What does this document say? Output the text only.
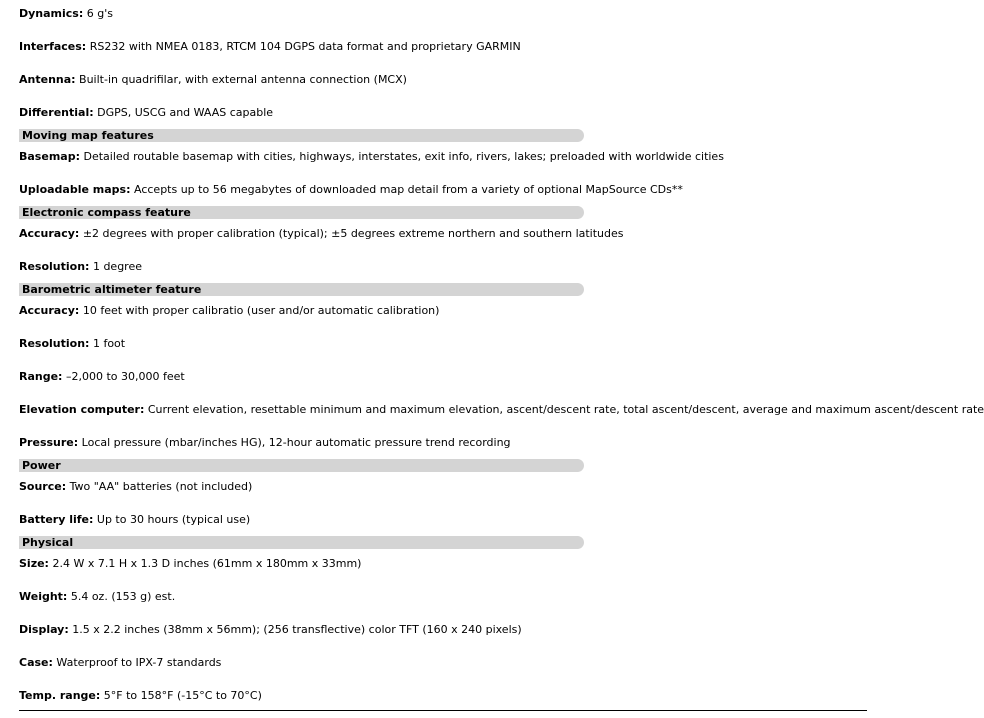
Dynamics: 6 g's
Interfaces: RS232 with NMEA 0183, RTCM 104 DGPS data format and proprietary GARMIN
Antenna: Built-in quadrifilar, with external antenna connection (MCX)
Differential: DGPS, USCG and WAAS capable
Moving map features
Basemap: Detailed routable basemap with cities, highways, interstates, exit info, rivers, lakes; preloaded with worldwide cities
Uploadable maps: Accepts up to 56 megabytes of downloaded map detail from a variety of optional MapSource CDs**
Electronic compass feature
Accuracy: ±2 degrees with proper calibration (typical); ±5 degrees extreme northern and southern latitudes
Resolution: 1 degree
Barometric altimeter feature
Accuracy: 10 feet with proper calibratio (user and/or automatic calibration)
Resolution: 1 foot
Range: –2,000 to 30,000 feet
Elevation computer: Current elevation, resettable minimum and maximum elevation, ascent/descent rate, total ascent/descent, average and maximum ascent/descent rate
Pressure: Local pressure (mbar/inches HG), 12-hour automatic pressure trend recording
Power
Source: Two "AA" batteries (not included)
Battery life: Up to 30 hours (typical use)
Physical
Size: 2.4 W x 7.1 H x 1.3 D inches (61mm x 180mm x 33mm)
Weight: 5.4 oz. (153 g) est.
Display: 1.5 x 2.2 inches (38mm x 56mm); (256 transflective) color TFT (160 x 240 pixels)
Case: Waterproof to IPX-7 standards
Temp. range: 5°F to 158°F (-15°C to 70°C)
